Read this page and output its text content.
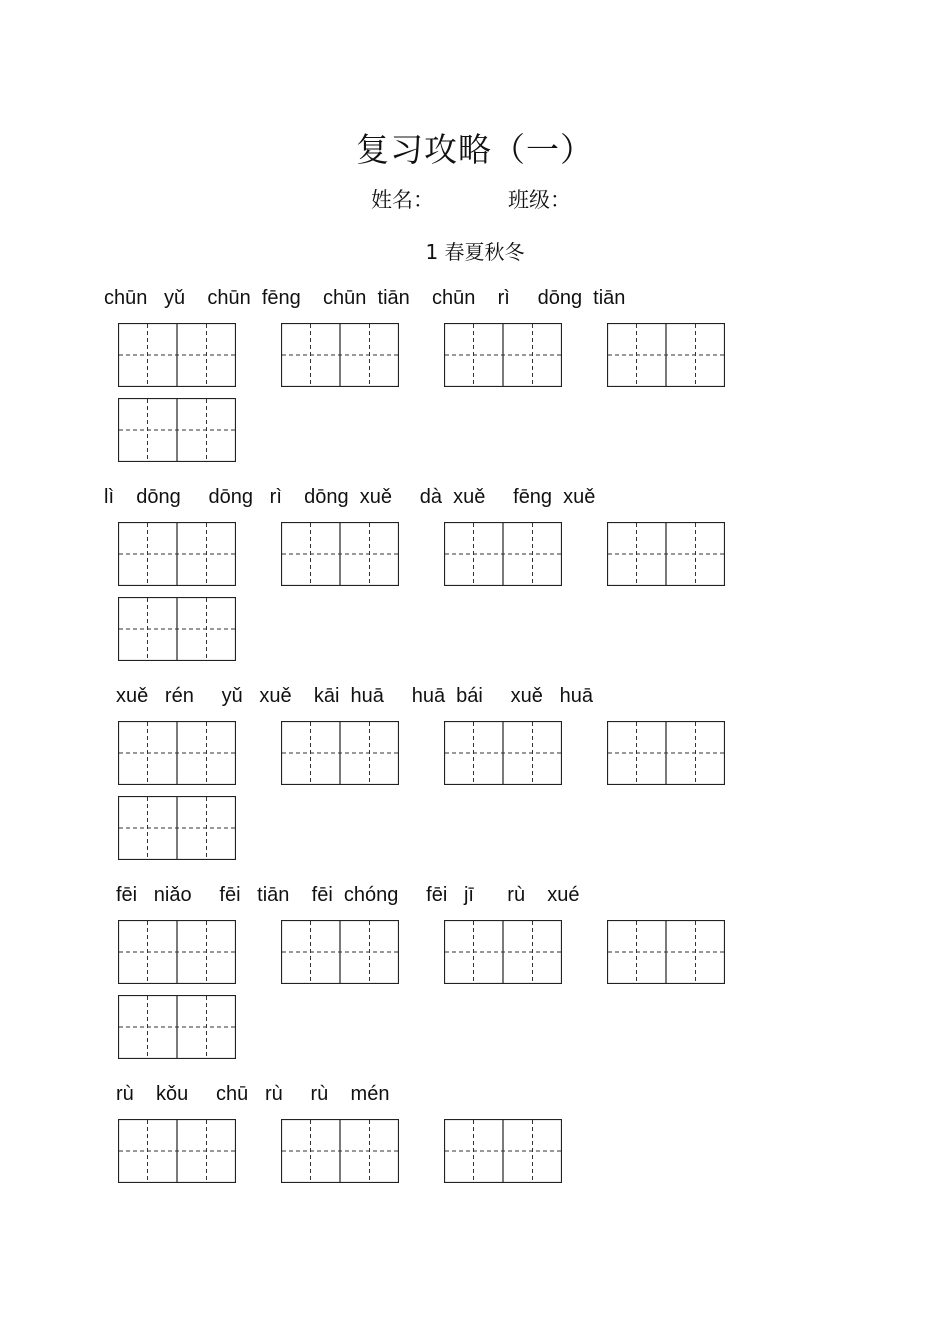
复习攻略（一）
姓名：	班级：
1 春夏秋冬
chūn   yǔ    chūn  fēng    chūn  tiān    chūn    rì     dōng  tiān
lì    dōng     dōng   rì    dōng  xuě     dà  xuě     fēng  xuě
xuě   rén     yǔ   xuě    kāi  huā     huā  bái     xuě   huā
fēi   niǎo     fēi   tiān    fēi  chóng     fēi   jī      rù    xué
rù    kǒu     chū   rù     rù    mén
